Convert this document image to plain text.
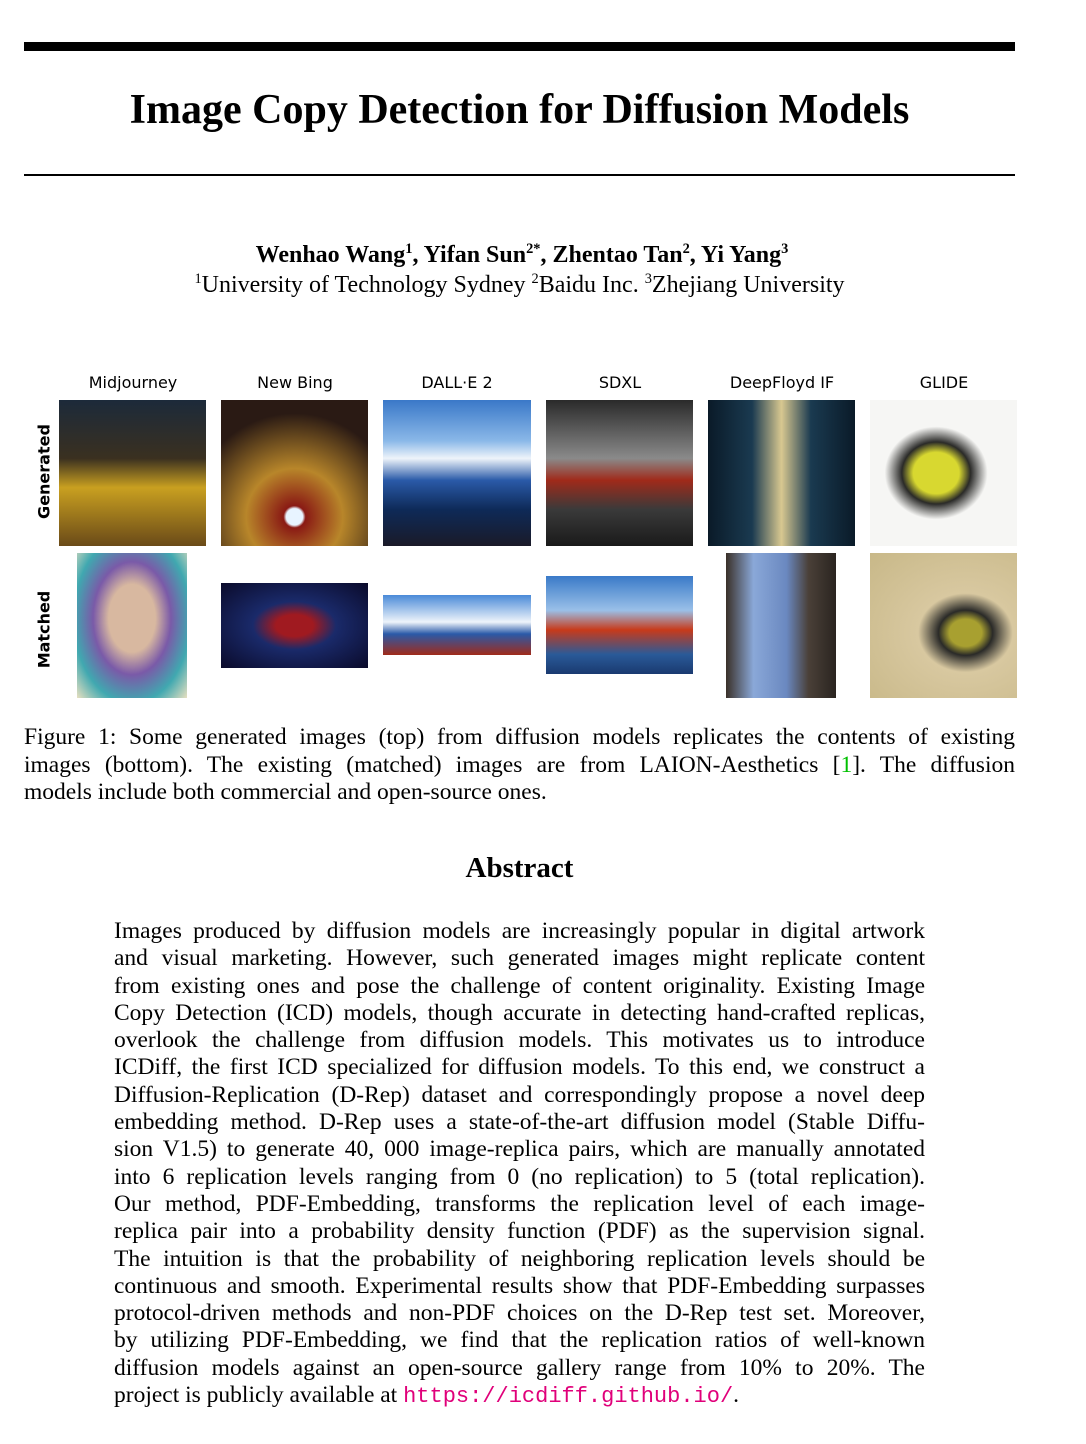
Image Copy Detection for Diffusion Models
Wenhao Wang$^1$, Yifan Sun$^{2*}$, Zhentao Tan$^2$, Yi Yang$^3$
$^1$University of Technology Sydney $^2$Baidu Inc. $^3$Zhejiang University
Midjourney	New Bing	DALL·E 2	SDXL	DeepFloyd IF	GLIDE
Generated
Matched
Figure 1: Some generated images (top) from diffusion models replicates the contents of existing
images (bottom). The existing (matched) images are from LAION-Aesthetics [1]. The diffusion
models include both commercial and open-source ones.
Abstract
Images produced by diffusion models are increasingly popular in digital artwork
and visual marketing. However, such generated images might replicate content
from existing ones and pose the challenge of content originality. Existing Image
Copy Detection (ICD) models, though accurate in detecting hand-crafted replicas,
overlook the challenge from diffusion models. This motivates us to introduce
ICDiff, the first ICD specialized for diffusion models. To this end, we construct a
Diffusion-Replication (D-Rep) dataset and correspondingly propose a novel deep
embedding method. D-Rep uses a state-of-the-art diffusion model (Stable Diffu-
sion V1.5) to generate 40, 000 image-replica pairs, which are manually annotated
into 6 replication levels ranging from 0 (no replication) to 5 (total replication).
Our method, PDF-Embedding, transforms the replication level of each image-
replica pair into a probability density function (PDF) as the supervision signal.
The intuition is that the probability of neighboring replication levels should be
continuous and smooth. Experimental results show that PDF-Embedding surpasses
protocol-driven methods and non-PDF choices on the D-Rep test set. Moreover,
by utilizing PDF-Embedding, we find that the replication ratios of well-known
diffusion models against an open-source gallery range from 10% to 20%. The
project is publicly available at https://icdiff.github.io/.
